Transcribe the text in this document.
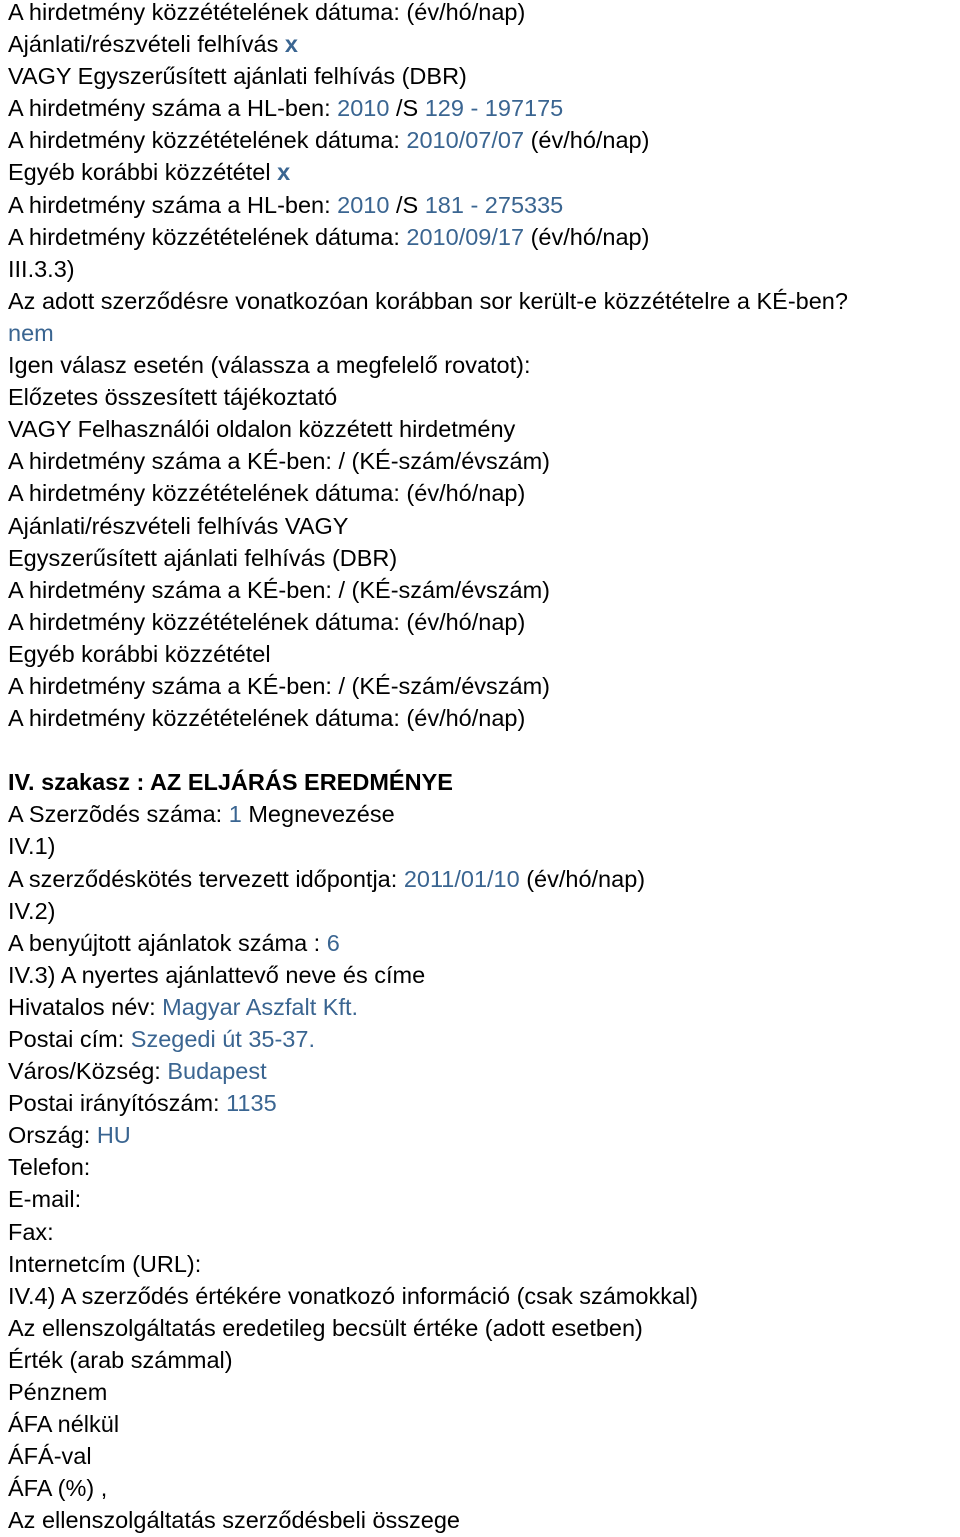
A hirdetmény közzétételének dátuma: (év/hó/nap)
Ajánlati/részvételi felhívás x
VAGY Egyszerűsített ajánlati felhívás (DBR)
A hirdetmény száma a HL-ben: 2010 /S 129 - 197175
A hirdetmény közzétételének dátuma: 2010/07/07 (év/hó/nap)
Egyéb korábbi közzététel x
A hirdetmény száma a HL-ben: 2010 /S 181 - 275335
A hirdetmény közzétételének dátuma: 2010/09/17 (év/hó/nap)
III.3.3)
Az adott szerződésre vonatkozóan korábban sor került-e közzétételre a KÉ-ben?
nem
Igen válasz esetén (válassza a megfelelő rovatot):
Előzetes összesített tájékoztató
VAGY Felhasználói oldalon közzétett hirdetmény
A hirdetmény száma a KÉ-ben: / (KÉ-szám/évszám)
A hirdetmény közzétételének dátuma: (év/hó/nap)
Ajánlati/részvételi felhívás VAGY
Egyszerűsített ajánlati felhívás (DBR)
A hirdetmény száma a KÉ-ben: / (KÉ-szám/évszám)
A hirdetmény közzétételének dátuma: (év/hó/nap)
Egyéb korábbi közzététel
A hirdetmény száma a KÉ-ben: / (KÉ-szám/évszám)
A hirdetmény közzétételének dátuma: (év/hó/nap)
IV. szakasz : AZ ELJÁRÁS EREDMÉNYE
A Szerzõdés száma: 1 Megnevezése
IV.1)
A szerződéskötés tervezett időpontja: 2011/01/10 (év/hó/nap)
IV.2)
A benyújtott ajánlatok száma : 6
IV.3) A nyertes ajánlattevő neve és címe
Hivatalos név: Magyar Aszfalt Kft.
Postai cím: Szegedi út 35-37.
Város/Község: Budapest
Postai irányítószám: 1135
Ország: HU
Telefon:
E-mail:
Fax:
Internetcím (URL):
IV.4) A szerződés értékére vonatkozó információ (csak számokkal)
Az ellenszolgáltatás eredetileg becsült értéke (adott esetben)
Érték (arab számmal)
Pénznem
ÁFA nélkül
ÁFÁ-val
ÁFA (%) ,
Az ellenszolgáltatás szerződésbeli összege
